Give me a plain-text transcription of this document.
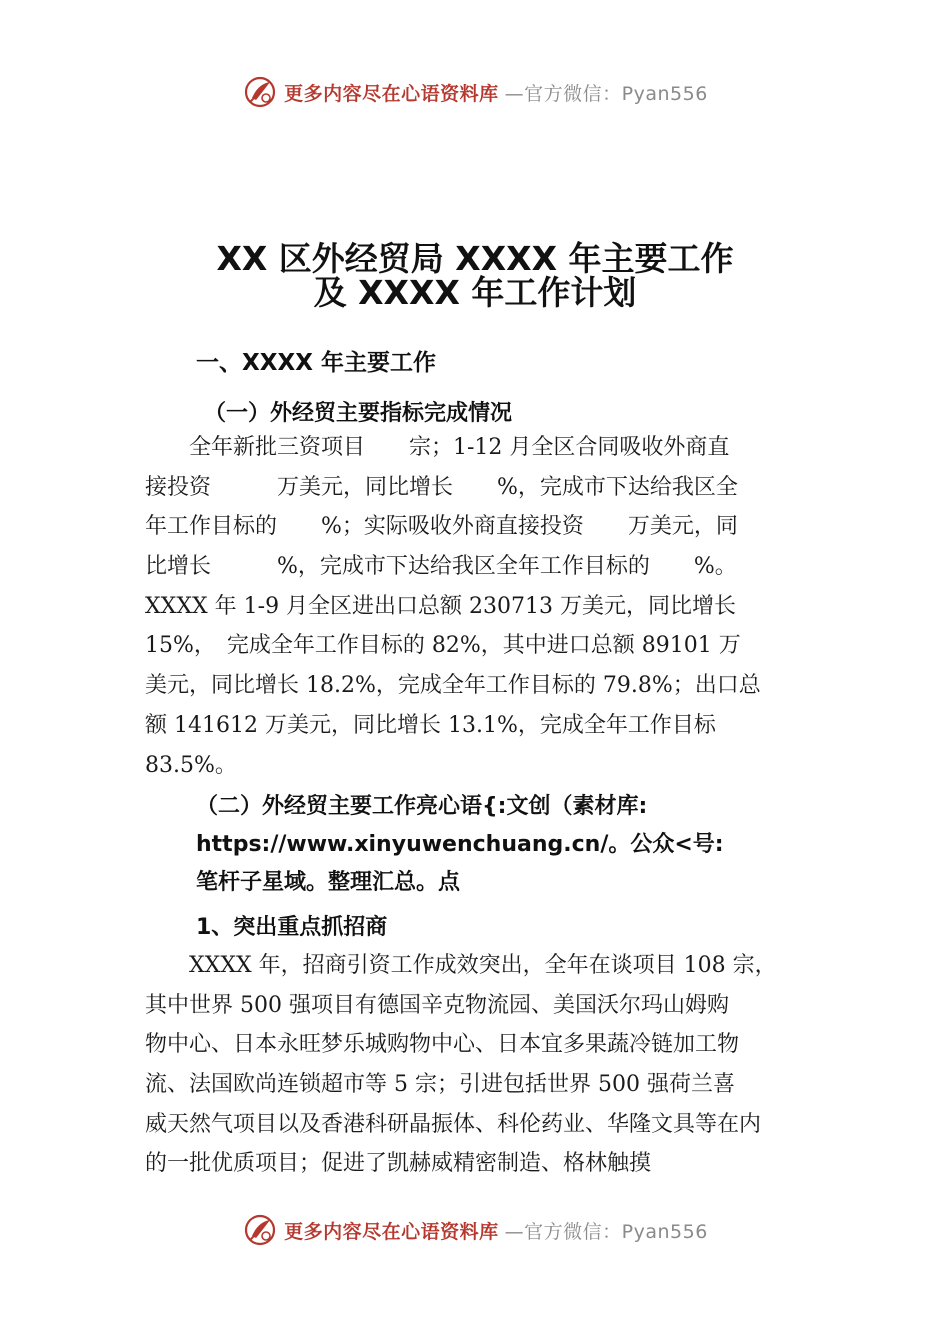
更多内容尽在心语资料库 —官方微信：Pyan556
XX 区外经贸局 XXXX 年主要工作
及 XXXX 年工作计划
一、XXXX 年主要工作
（一）外经贸主要指标完成情况
　　全年新批三资项目　　宗；1-12 月全区合同吸收外商直
接投资　　　万美元，同比增长　　%，完成市下达给我区全
年工作目标的　　%；实际吸收外商直接投资　　万美元，同
比增长　　　%，完成市下达给我区全年工作目标的　　%。
XXXX 年 1-9 月全区进出口总额 230713 万美元，同比增长
15%，　完成全年工作目标的 82%，其中进口总额 89101 万
美元，同比增长 18.2%，完成全年工作目标的 79.8%；出口总
额 141612 万美元，同比增长 13.1%，完成全年工作目标
83.5%。
（二）外经贸主要工作亮心语{:文创（素材库:
https://www.xinyuwenchuang.cn/。公众<号:
笔杆子星域。整理汇总。点
1、突出重点抓招商
　　XXXX 年，招商引资工作成效突出，全年在谈项目 108 宗，
其中世界 500 强项目有德国辛克物流园、美国沃尔玛山姆购
物中心、日本永旺梦乐城购物中心、日本宜多果蔬冷链加工物
流、法国欧尚连锁超市等 5 宗；引进包括世界 500 强荷兰喜
威天然气项目以及香港科研晶振体、科伦药业、华隆文具等在内
的一批优质项目；促进了凯赫威精密制造、格林触摸
更多内容尽在心语资料库 —官方微信：Pyan556
